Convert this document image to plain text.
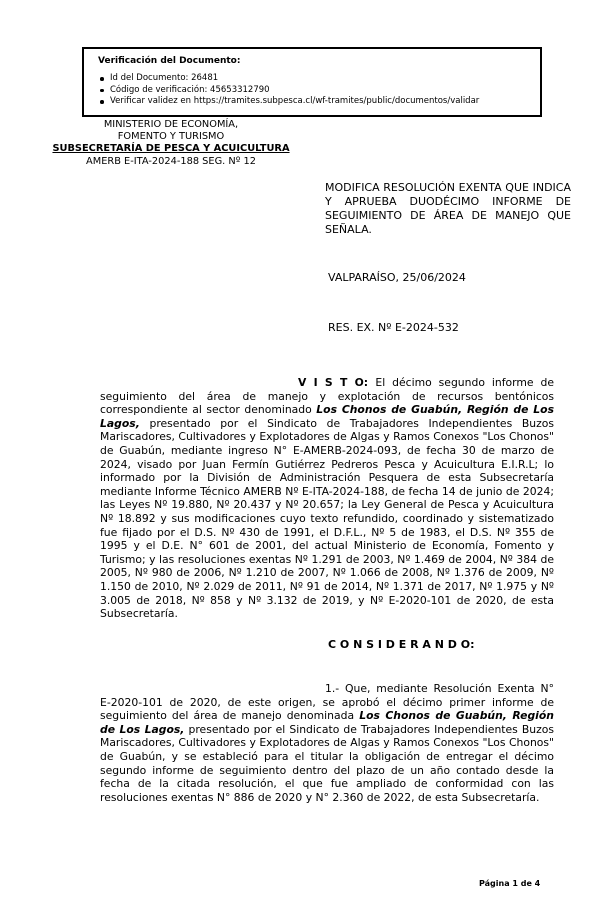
Verificación del Documento:
Id del Documento: 26481
Código de verificación: 45653312790
Verificar validez en https://tramites.subpesca.cl/wf-tramites/public/documentos/validar
MINISTERIO DE ECONOMÍA,
FOMENTO Y TURISMO
SUBSECRETARÍA DE PESCA Y ACUICULTURA
AMERB E-ITA-2024-188 SEG. Nº 12
MODIFICA RESOLUCIÓN EXENTA QUE INDICA Y APRUEBA DUODÉCIMO INFORME DE SEGUIMIENTO DE ÁREA DE MANEJO QUE SEÑALA.
VALPARAÍSO, 25/06/2024
RES. EX. Nº E-2024-532

V I S T O: El décimo segundo informe de seguimiento del área de manejo y explotación de recursos bentónicos correspondiente al sector denominado Los Chonos de Guabún, Región de Los Lagos, presentado por el Sindicato de Trabajadores Independientes Buzos Mariscadores, Cultivadores y Explotadores de Algas y Ramos Conexos "Los Chonos" de Guabún, mediante ingreso N° E-AMERB-2024-093, de fecha 30 de marzo de 2024, visado por Juan Fermín Gutiérrez Pedreros Pesca y Acuicultura E.I.R.L; lo informado por la División de Administración Pesquera de esta Subsecretaría mediante Informe Técnico AMERB Nº E-ITA-2024-188, de fecha 14 de junio de 2024; las Leyes Nº 19.880, Nº 20.437 y Nº 20.657; la Ley General de Pesca y Acuicultura Nº 18.892 y sus modificaciones cuyo texto refundido, coordinado y sistematizado fue fijado por el D.S. Nº 430 de 1991, el D.F.L., Nº 5 de 1983, el D.S. Nº 355 de 1995 y el D.E. N° 601 de 2001, del actual Ministerio de Economía, Fomento y Turismo; y las resoluciones exentas Nº 1.291 de 2003, Nº 1.469 de 2004, Nº 384 de 2005, Nº 980 de 2006, Nº 1.210 de 2007, Nº 1.066 de 2008, Nº 1.376 de 2009, Nº 1.150 de 2010, Nº 2.029 de 2011, Nº 91 de 2014, Nº 1.371 de 2017, Nº 1.975 y Nº 3.005 de 2018, Nº 858 y Nº 3.132 de 2019, y Nº E-2020-101 de 2020, de esta Subsecretaría.

C O N S I D E R A N D O:

1.- Que, mediante Resolución Exenta N° E-2020-101 de 2020, de este origen, se aprobó el décimo primer informe de seguimiento del área de manejo denominada Los Chonos de Guabún, Región de Los Lagos, presentado por el Sindicato de Trabajadores Independientes Buzos Mariscadores, Cultivadores y Explotadores de Algas y Ramos Conexos "Los Chonos" de Guabún, y se estableció para el titular la obligación de entregar el décimo segundo informe de seguimiento dentro del plazo de un año contado desde la fecha de la citada resolución, el que fue ampliado de conformidad con las resoluciones exentas N° 886 de 2020 y N° 2.360 de 2022, de esta Subsecretaría.

Página 1 de 4
